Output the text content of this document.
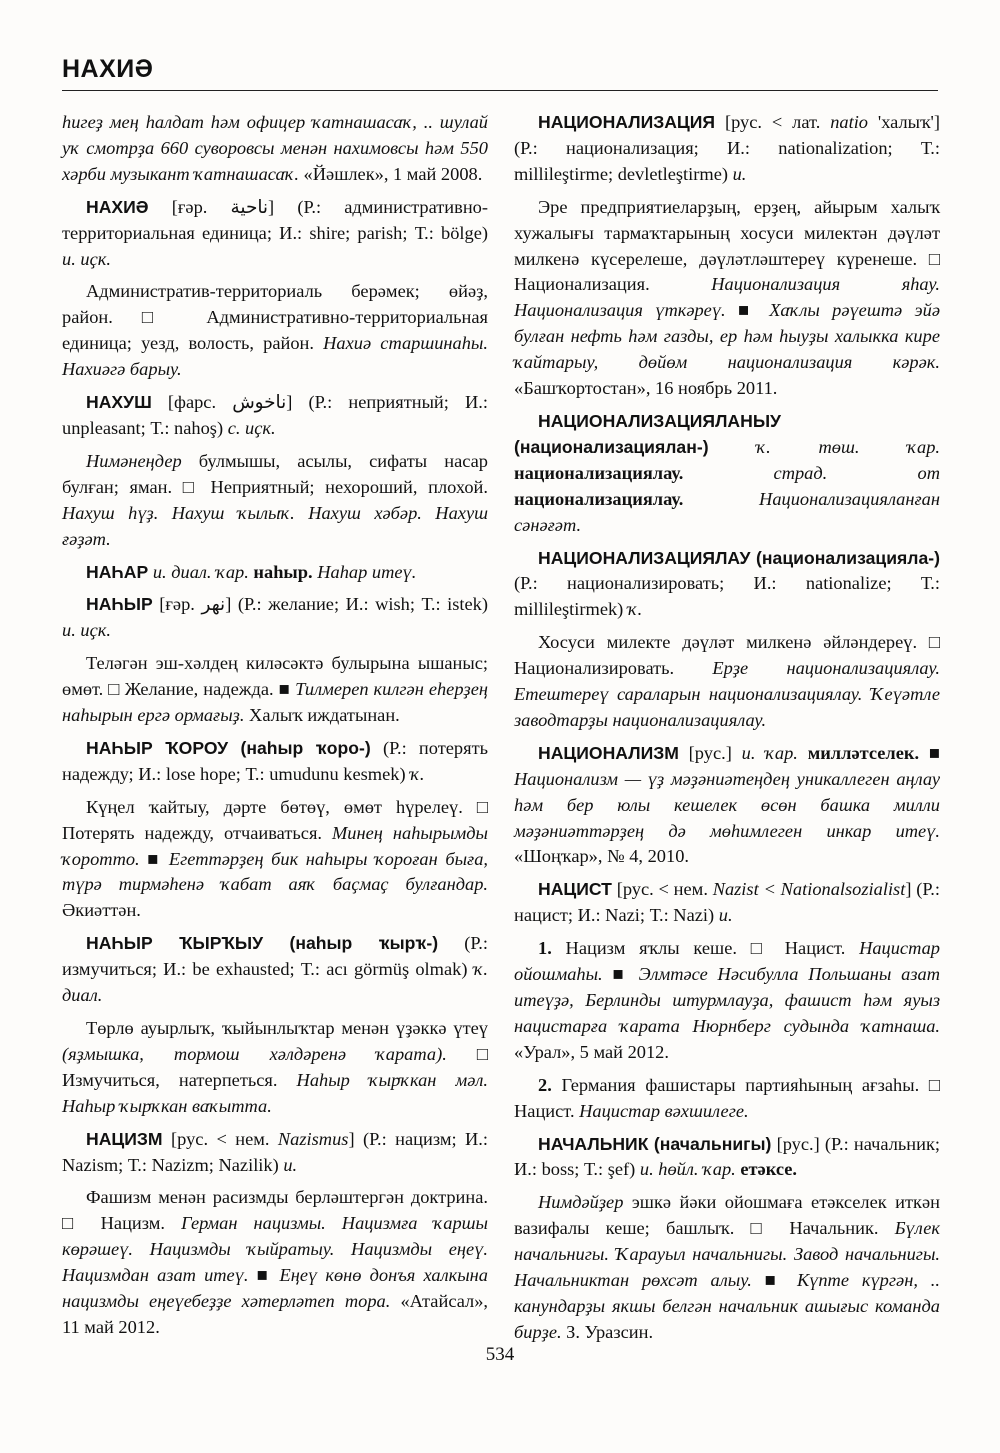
НАХИӘ

hигеҙ мең hалдат hәм офицер ҡатнашасаҡ, .. шулай уҡ смотрҙа 660 суворовсы менән нахимовсы hәм 550 хәрби музыкант ҡатнашасаҡ. «Йәшлек», 1 май 2008.

НАХИӘ [ғәр. ناحية] (Р.: административно-территориальная единица; И.: shire; parish; Т.: bölge) и. иҫк.

Административ-территориаль берәмек; өйәҙ, район. □ Административно-территориальная единица; уезд, волость, район. Нахиә старшинаhы. Нахиәгә барыу.

НАХУШ [фарс. ناخوش] (Р.: неприятный; И.: unpleasant; Т.: nahoş) с. иҫк.

Нимәнеңдер булмышы, асылы, сифаты насар булған; яман. □ Неприятный; нехороший, плохой. Нахуш hүҙ. Нахуш ҡылыҡ. Нахуш хәбәр. Нахуш ғәҙәт.

НАҺАР и. диал. ҡар. наһыр. Наһар итеү.

НАҺЫР [ғәр. نهر] (Р.: желание; И.: wish; Т.: istek) и. иҫк.

Теләгән эш-хәлдең киләсәктә булырына ышаныс; өмөт. □ Желание, надежда. ■ Тилмереп килгән еһерҙең наһырын ергә ормағыҙ. Халыҡ иждатынан.

НАҺЫР ҠОРОУ (наһыр ҡоро-) (Р.: потерять надежду; И.: lose hope; Т.: umudunu kesmek) ҡ.

Күңел ҡайтыу, дәрте бөтөү, өмөт һүрелеү. □ Потерять надежду, отчаиваться. Минең наһырымды ҡоротто. ■ Егеттәрҙең бик наһыры ҡороған быға, түрә тирмәһенә ҡабат аяҡ баҫмаҫ булғандар. Әкиәттән.

НАҺЫР ҠЫРҠЫУ (наһыр ҡырҡ-) (Р.: измучиться; И.: be exhausted; Т.: acı görmüş olmak) ҡ. диал.

Төрлө ауырлыҡ, ҡыйынлыҡтар менән үҙәккә үтеү (яҙмышка, тормош хәлдәренә ҡарата). □ Измучиться, натерпеться. Наһыр ҡырҡкан мәл. Наһыр ҡырҡкан ваҡытта.

НАЦИЗМ [рус. < нем. Nazismus] (Р.: нацизм; И.: Nazism; Т.: Nazizm; Nazilik) и.

Фашизм менән расизмды берләштергән доктрина. □ Нацизм. Герман нацизмы. Нацизмға ҡаршы көрәшеү. Нацизмды ҡыйратыу. Нацизмды еңеү. Нацизмдан азат итеү. ■ Еңеү көнө донъя халкына нацизмды еңеүебеҙҙе хәтерләтеп тора. «Атайсал», 11 май 2012.

НАЦИОНАЛИЗАЦИЯ [рус. < лат. natio 'халыҡ'] (Р.: национализация; И.: nationalization; Т.: millileştirme; devletleştirme) и.

Эре предприятиеларҙың, ерҙең, айырым халыҡ хужалығы тармаҡтарының хосуси милектән дәүләт милкенә күсерелеше, дәүләтләштереү күренеше. □ Национализация. Национализация яһау. Национализация үткәреү. ■ Хаҡлы рәүештә эйә булған нефть hәм газды, ер hәм hыуҙы халыкка кире ҡайтарыу, дөйөм национализация кәрәк. «Башҡортостан», 16 ноябрь 2011.

НАЦИОНАЛИЗАЦИЯЛАНЫУ (национализациялан-) ҡ. төш. ҡар. национализациялау. страд. от национализациялау. Национализацияланған сәнәғәт.

НАЦИОНАЛИЗАЦИЯЛАУ (национализацияла-) (Р.: национализировать; И.: nationalize; Т.: millileştirmek) ҡ.

Хосуси милекте дәүләт милкенә әйләндереү. □ Национализировать. Ерҙе национализациялау. Етештереү сараларын национализациялау. Ҡеүәтле заводтарҙы национализациялау.

НАЦИОНАЛИЗМ [рус.] и. ҡар. милләтселек. ■ Национализм — үҙ мәҙәниәтеңдең уникаллеген аңлау hәм бер юлы кешелек өсөн башка милли мәҙәниәттәрҙең дә мөhимлеген инкар итеү. «Шоңҡар», № 4, 2010.

НАЦИСТ [рус. < нем. Nazist < Nationalsozialist] (Р.: нацист; И.: Nazi; Т.: Nazi) и.

1. Нацизм яҡлы кеше. □ Нацист. Нацистар ойошмаhы. ■ Элмтәсе Нәсибулла Польшаны азат итеүҙә, Берлинды штурмлауҙа, фашист hәм яуыз нацистарға ҡарата Нюрнберг судында ҡатнаша. «Урал», 5 май 2012.

2. Германия фашистары партияhының ағзаhы. □ Нацист. Нацистар вәхшилеге.

НАЧАЛЬНИК (начальнигы) [рус.] (Р.: начальник; И.: boss; Т.: şef) и. hөйл. ҡар. етәксе.

Нимдәйҙер эшкә йәки ойошмаға етәкселек иткән вазифалы кеше; башлыҡ. □ Начальник. Бүлек начальнигы. Ҡарауыл начальнигы. Завод начальнигы. Начальниктан рөхсәт алыу. ■ Күпте күргән, .. канундарҙы якшы белгән начальник ашығыс команда бирҙе. З. Уразсин.

534
